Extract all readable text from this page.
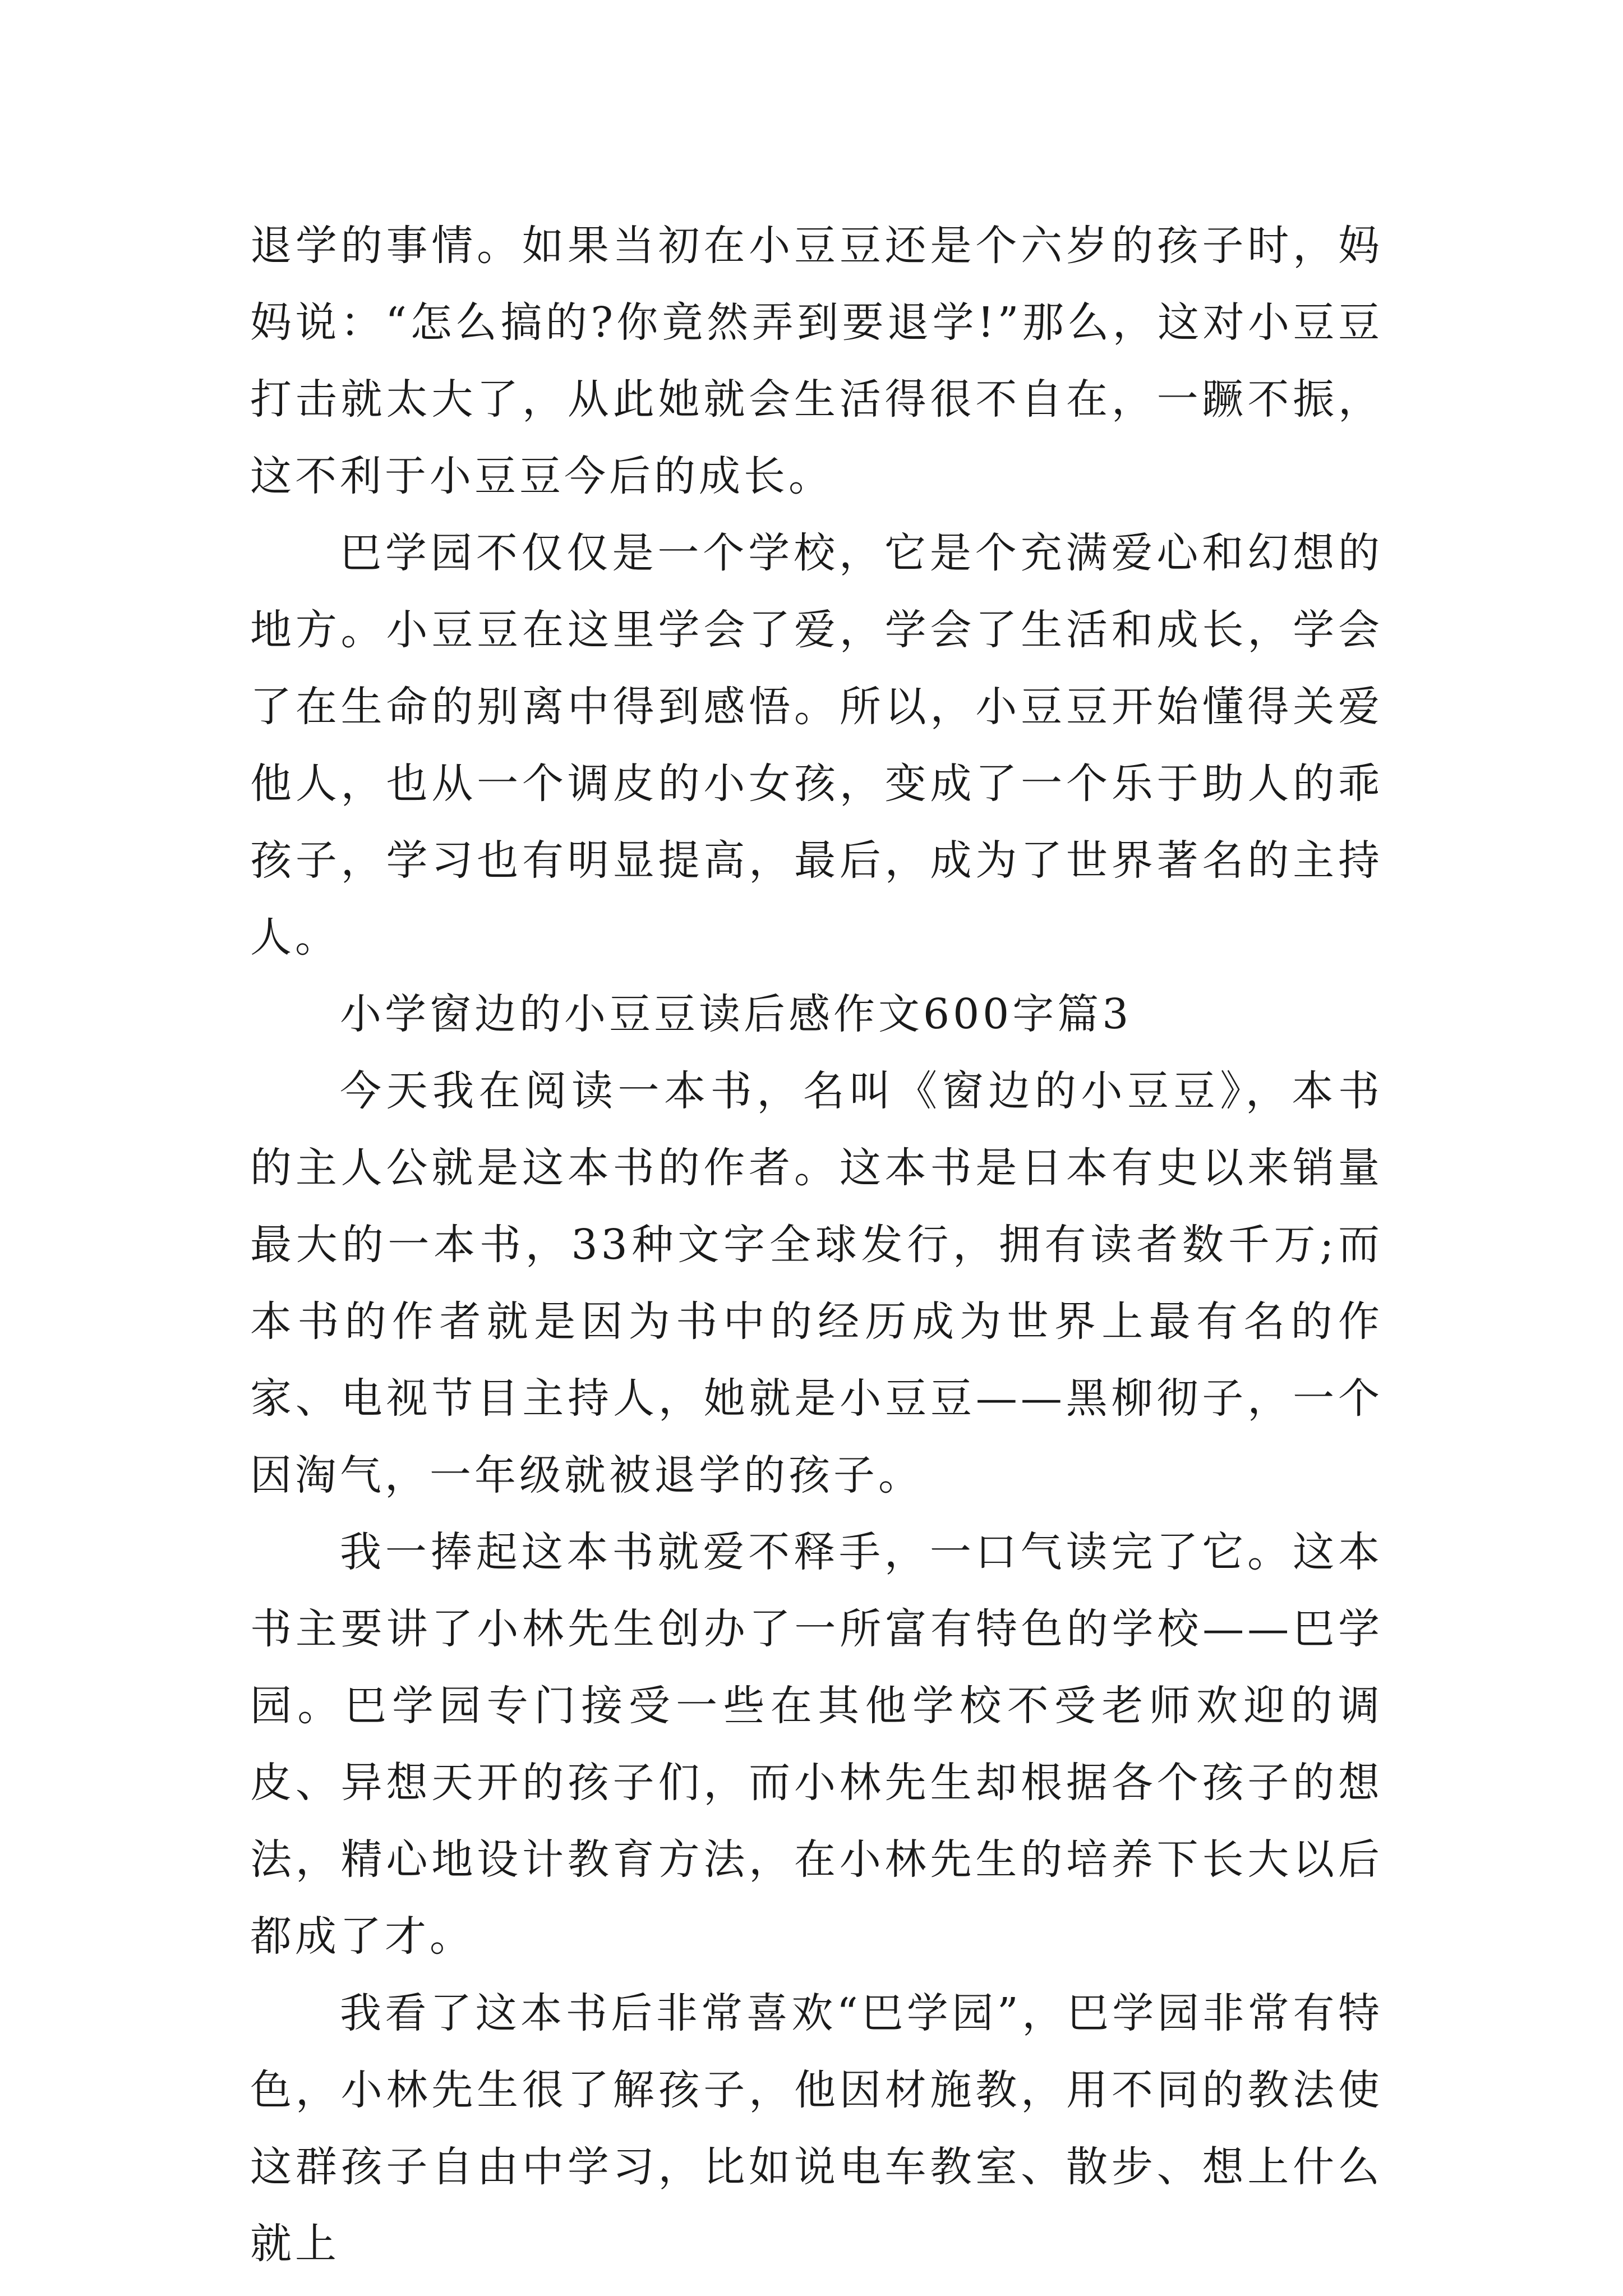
退学的事情。如果当初在小豆豆还是个六岁的孩子时，妈妈说：“怎么搞的?你竟然弄到要退学!”那么，这对小豆豆打击就太大了，从此她就会生活得很不自在，一蹶不振，这不利于小豆豆今后的成长。

巴学园不仅仅是一个学校，它是个充满爱心和幻想的地方。小豆豆在这里学会了爱，学会了生活和成长，学会了在生命的别离中得到感悟。所以，小豆豆开始懂得关爱他人，也从一个调皮的小女孩，变成了一个乐于助人的乖孩子，学习也有明显提高，最后，成为了世界著名的主持人。

小学窗边的小豆豆读后感作文600字篇3

今天我在阅读一本书，名叫《窗边的小豆豆》，本书的主人公就是这本书的作者。这本书是日本有史以来销量最大的一本书，33种文字全球发行，拥有读者数千万;而本书的作者就是因为书中的经历成为世界上最有名的作家、电视节目主持人，她就是小豆豆——黑柳彻子，一个因淘气，一年级就被退学的孩子。

我一捧起这本书就爱不释手，一口气读完了它。这本书主要讲了小林先生创办了一所富有特色的学校——巴学园。巴学园专门接受一些在其他学校不受老师欢迎的调皮、异想天开的孩子们，而小林先生却根据各个孩子的想法，精心地设计教育方法，在小林先生的培养下长大以后都成了才。

我看了这本书后非常喜欢“巴学园”，巴学园非常有特色，小林先生很了解孩子，他因材施教，用不同的教法使这群孩子自由中学习，比如说电车教室、散步、想上什么就上
